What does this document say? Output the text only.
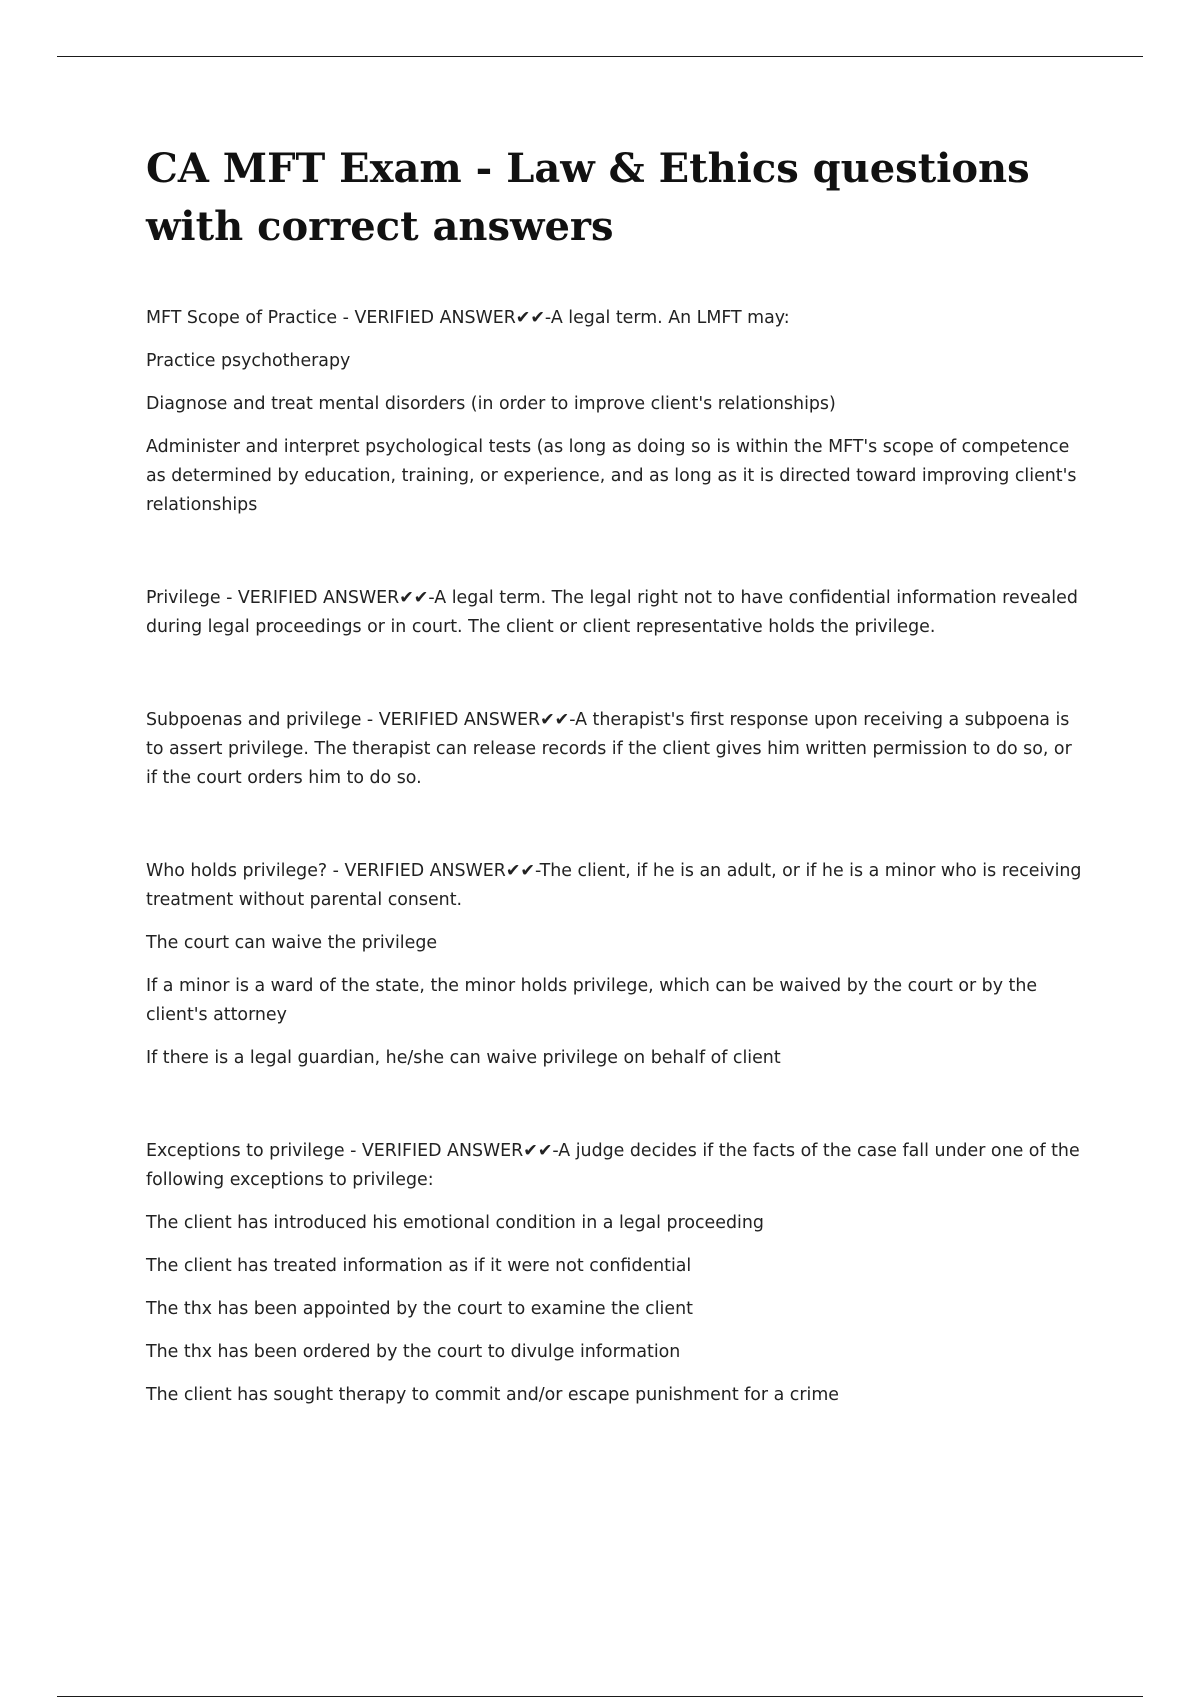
CA MFT Exam - Law & Ethics questions with correct answers

MFT Scope of Practice - VERIFIED ANSWER✔✔-A legal term. An LMFT may:

Practice psychotherapy

Diagnose and treat mental disorders (in order to improve client's relationships)

Administer and interpret psychological tests (as long as doing so is within the MFT's scope of competence as determined by education, training, or experience, and as long as it is directed toward improving client's relationships

Privilege - VERIFIED ANSWER✔✔-A legal term. The legal right not to have confidential information revealed during legal proceedings or in court. The client or client representative holds the privilege.

Subpoenas and privilege - VERIFIED ANSWER✔✔-A therapist's first response upon receiving a subpoena is to assert privilege. The therapist can release records if the client gives him written permission to do so, or if the court orders him to do so.

Who holds privilege? - VERIFIED ANSWER✔✔-The client, if he is an adult, or if he is a minor who is receiving treatment without parental consent.

The court can waive the privilege

If a minor is a ward of the state, the minor holds privilege, which can be waived by the court or by the client's attorney

If there is a legal guardian, he/she can waive privilege on behalf of client

Exceptions to privilege - VERIFIED ANSWER✔✔-A judge decides if the facts of the case fall under one of the following exceptions to privilege:

The client has introduced his emotional condition in a legal proceeding

The client has treated information as if it were not confidential

The thx has been appointed by the court to examine the client

The thx has been ordered by the court to divulge information

The client has sought therapy to commit and/or escape punishment for a crime
